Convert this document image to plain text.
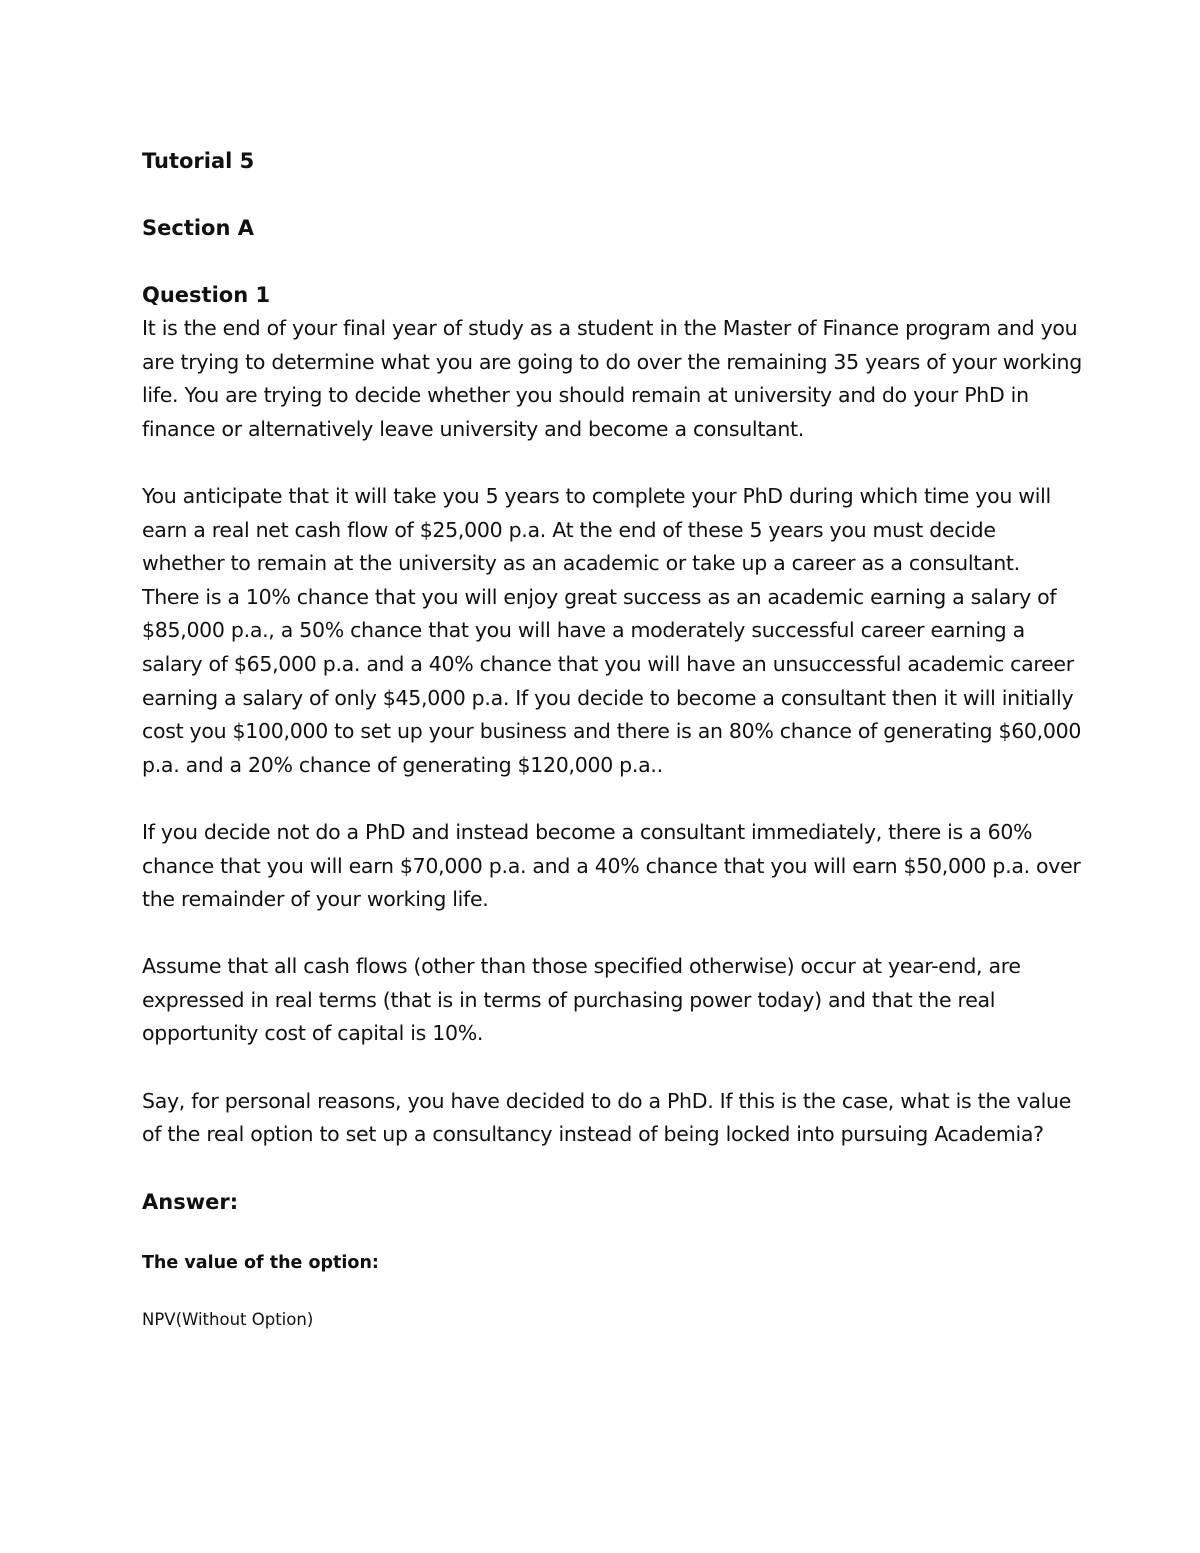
Tutorial 5

Section A

Question 1

It is the end of your final year of study as a student in the Master of Finance program and you are trying to determine what you are going to do over the remaining 35 years of your working life. You are trying to decide whether you should remain at university and do your PhD in finance or alternatively leave university and become a consultant.

You anticipate that it will take you 5 years to complete your PhD during which time you will earn a real net cash flow of $25,000 p.a. At the end of these 5 years you must decide whether to remain at the university as an academic or take up a career as a consultant. There is a 10% chance that you will enjoy great success as an academic earning a salary of $85,000 p.a., a 50% chance that you will have a moderately successful career earning a salary of $65,000 p.a. and a 40% chance that you will have an unsuccessful academic career earning a salary of only $45,000 p.a. If you decide to become a consultant then it will initially cost you $100,000 to set up your business and there is an 80% chance of generating $60,000 p.a. and a 20% chance of generating $120,000 p.a..

If you decide not do a PhD and instead become a consultant immediately, there is a 60% chance that you will earn $70,000 p.a. and a 40% chance that you will earn $50,000 p.a. over the remainder of your working life.

Assume that all cash flows (other than those specified otherwise) occur at year-end, are expressed in real terms (that is in terms of purchasing power today) and that the real opportunity cost of capital is 10%.

Say, for personal reasons, you have decided to do a PhD. If this is the case, what is the value of the real option to set up a consultancy instead of being locked into pursuing Academia?

Answer:

The value of the option:

NPV(Without Option)
